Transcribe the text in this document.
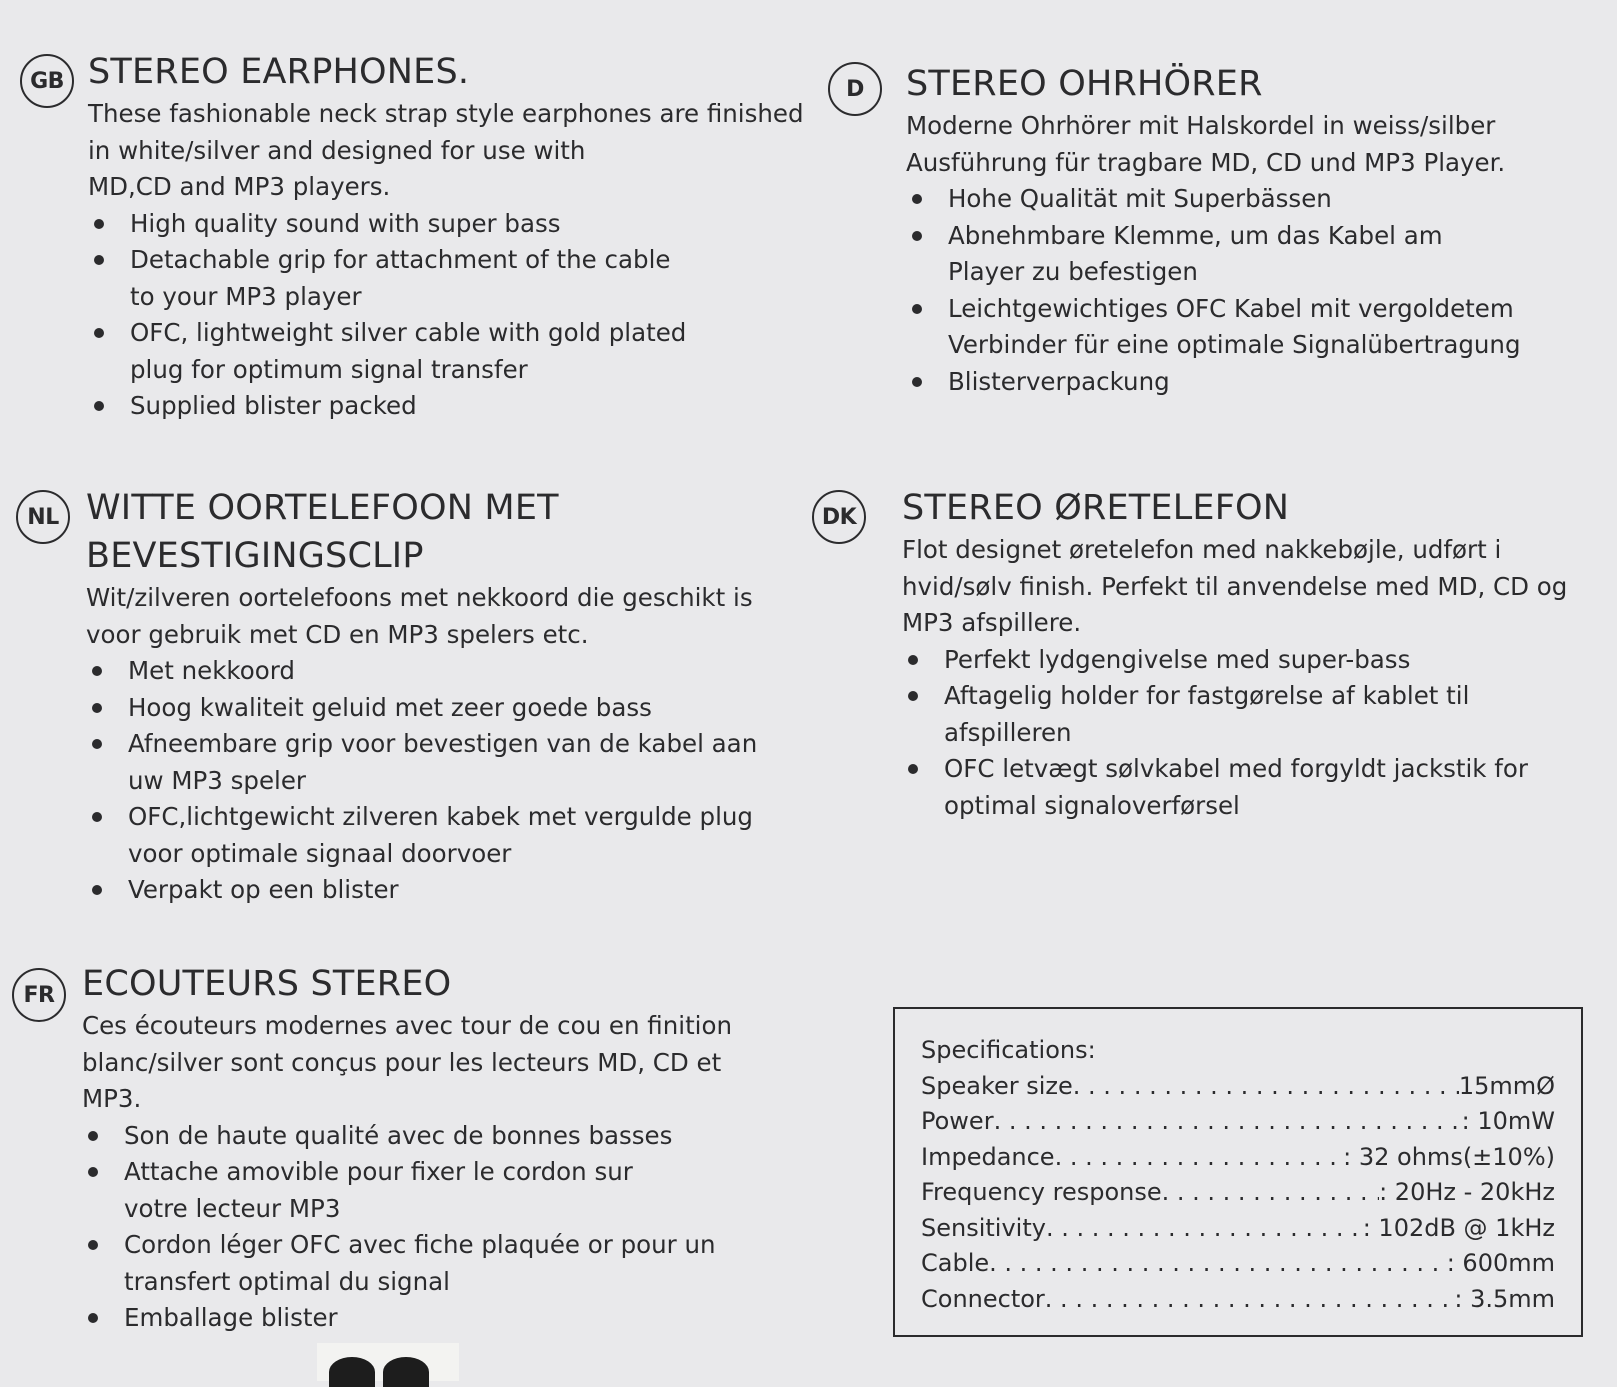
GB STEREO EARPHONES.
These fashionable neck strap style earphones are finished
in white/silver and designed for use with
MD,CD and MP3 players.
High quality sound with super bass
Detachable grip for attachment of the cable
to your MP3 player
OFC, lightweight silver cable with gold plated
plug for optimum signal transfer
Supplied blister packed
D	STEREO OHRHÖRER
Moderne Ohrhörer mit Halskordel in weiss/silber
Ausführung für tragbare MD, CD und MP3 Player.
Hohe Qualität mit Superbässen
Abnehmbare Klemme, um das Kabel am
Player zu befestigen
Leichtgewichtiges OFC Kabel mit vergoldetem
Verbinder für eine optimale Signalübertragung
Blisterverpackung
NL WITTE OORTELEFOON MET
BEVESTIGINGSCLIP
Wit/zilveren oortelefoons met nekkoord die geschikt is
voor gebruik met CD en MP3 spelers etc.
Met nekkoord
Hoog kwaliteit geluid met zeer goede bass
Afneembare grip voor bevestigen van de kabel aan
uw MP3 speler
OFC,lichtgewicht zilveren kabek met vergulde plug
voor optimale signaal doorvoer
Verpakt op een blister
DK STEREO ØRETELEFON
Flot designet øretelefon med nakkebøjle, udført i
hvid/sølv finish. Perfekt til anvendelse med MD, CD og
MP3 afspillere.
Perfekt lydgengivelse med super-bass
Aftagelig holder for fastgørelse af kablet til
afspilleren
OFC letvægt sølvkabel med forgyldt jackstik for
optimal signaloverførsel
FR ECOUTEURS STEREO
Ces écouteurs modernes avec tour de cou en finition
blanc/silver sont conçus pour les lecteurs MD, CD et
MP3.
Son de haute qualité avec de bonnes basses
Attache amovible pour fixer le cordon sur
votre lecteur MP3
Cordon léger OFC avec fiche plaquée or pour un
transfert optimal du signal
Emballage blister
Specifications:
Speaker size . . .	15mmØ
Power . . .	: 10mW
Impedance . . .	: 32 ohms(±10%)
Frequency response . . .	: 20Hz - 20kHz
Sensitivity . . .	: 102dB @ 1kHz
Cable . . .	: 600mm
Connector . . .	: 3.5mm
